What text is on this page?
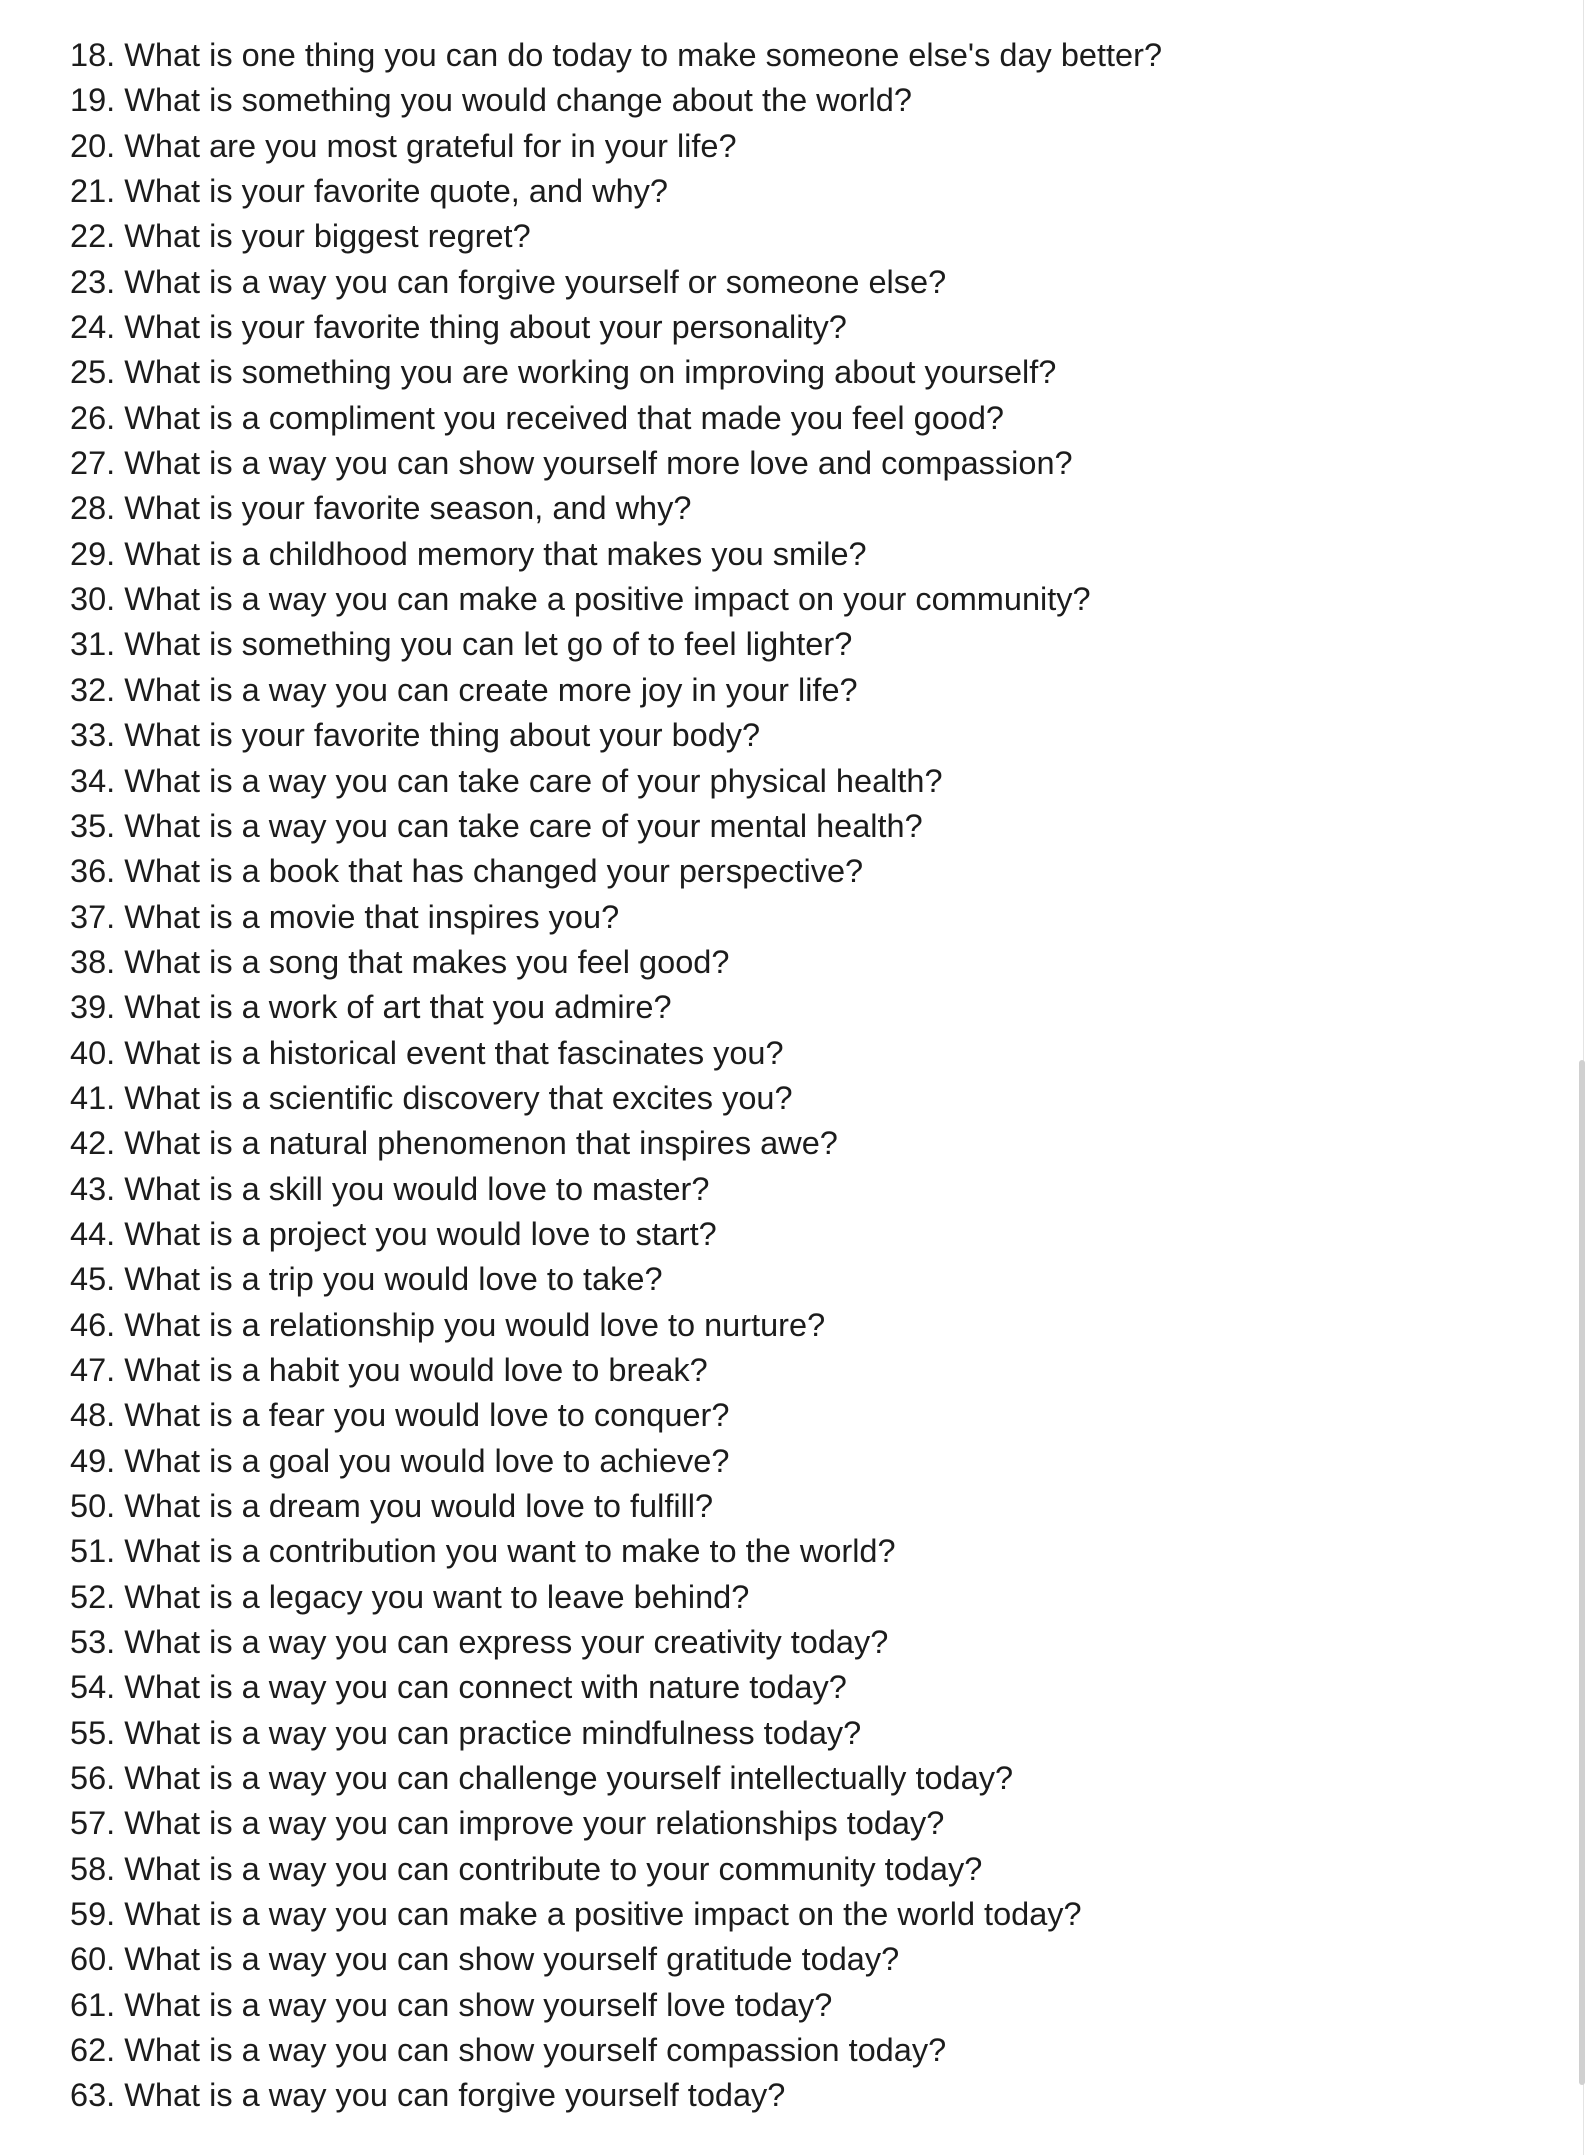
18. What is one thing you can do today to make someone else's day better?
19. What is something you would change about the world?
20. What are you most grateful for in your life?
21. What is your favorite quote, and why?
22. What is your biggest regret?
23. What is a way you can forgive yourself or someone else?
24. What is your favorite thing about your personality?
25. What is something you are working on improving about yourself?
26. What is a compliment you received that made you feel good?
27. What is a way you can show yourself more love and compassion?
28. What is your favorite season, and why?
29. What is a childhood memory that makes you smile?
30. What is a way you can make a positive impact on your community?
31. What is something you can let go of to feel lighter?
32. What is a way you can create more joy in your life?
33. What is your favorite thing about your body?
34. What is a way you can take care of your physical health?
35. What is a way you can take care of your mental health?
36. What is a book that has changed your perspective?
37. What is a movie that inspires you?
38. What is a song that makes you feel good?
39. What is a work of art that you admire?
40. What is a historical event that fascinates you?
41. What is a scientific discovery that excites you?
42. What is a natural phenomenon that inspires awe?
43. What is a skill you would love to master?
44. What is a project you would love to start?
45. What is a trip you would love to take?
46. What is a relationship you would love to nurture?
47. What is a habit you would love to break?
48. What is a fear you would love to conquer?
49. What is a goal you would love to achieve?
50. What is a dream you would love to fulfill?
51. What is a contribution you want to make to the world?
52. What is a legacy you want to leave behind?
53. What is a way you can express your creativity today?
54. What is a way you can connect with nature today?
55. What is a way you can practice mindfulness today?
56. What is a way you can challenge yourself intellectually today?
57. What is a way you can improve your relationships today?
58. What is a way you can contribute to your community today?
59. What is a way you can make a positive impact on the world today?
60. What is a way you can show yourself gratitude today?
61. What is a way you can show yourself love today?
62. What is a way you can show yourself compassion today?
63. What is a way you can forgive yourself today?
